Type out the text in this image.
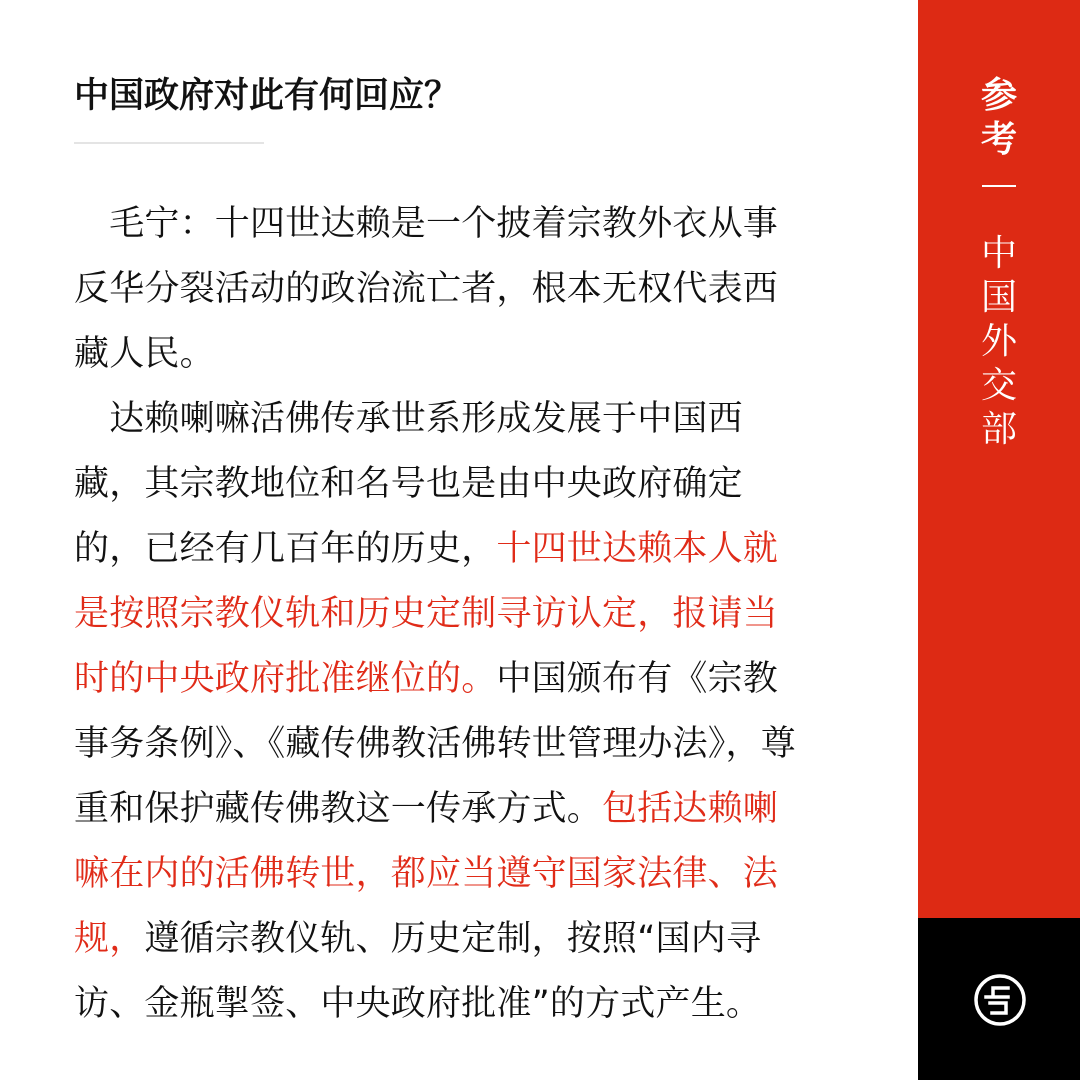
中国政府对此有何回应？
　毛宁：十四世达赖是一个披着宗教外衣从事
反华分裂活动的政治流亡者，根本无权代表西
藏人民。
　达赖喇嘛活佛传承世系形成发展于中国西
藏，其宗教地位和名号也是由中央政府确定
的，已经有几百年的历史，十四世达赖本人就
是按照宗教仪轨和历史定制寻访认定，报请当
时的中央政府批准继位的。中国颁布有《宗教
事务条例》、《藏传佛教活佛转世管理办法》，尊
重和保护藏传佛教这一传承方式。包括达赖喇
嘛在内的活佛转世，都应当遵守国家法律、法
规，遵循宗教仪轨、历史定制，按照“国内寻
访、金瓶掣签、中央政府批准”的方式产生。
参
考
中
国
外
交
部
